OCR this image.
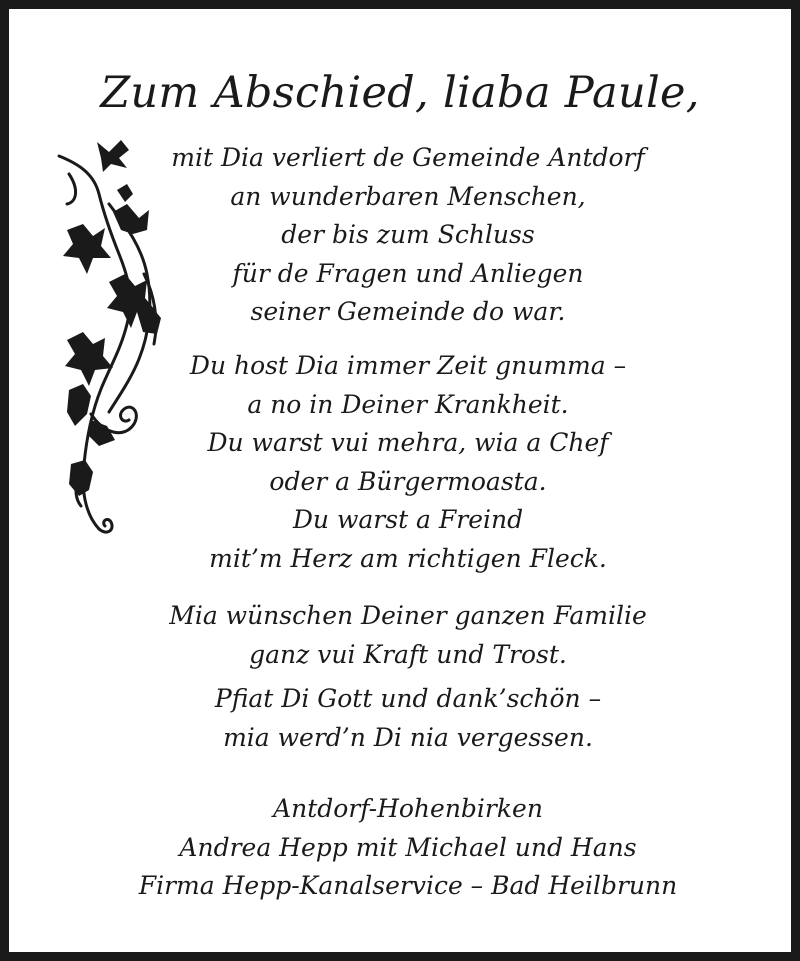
Zum Abschied, liaba Paule,
mit Dia verliert de Gemeinde Antdorf
an wunderbaren Menschen,
der bis zum Schluss
für de Fragen und Anliegen
seiner Gemeinde do war.
Du host Dia immer Zeit gnumma –
a no in Deiner Krankheit.
Du warst vui mehra, wia a Chef
oder a Bürgermoasta.
Du warst a Freind
mit’m Herz am richtigen Fleck.
Mia wünschen Deiner ganzen Familie
ganz vui Kraft und Trost.
Pfiat Di Gott und dank’schön –
mia werd’n Di nia vergessen.
Antdorf-Hohenbirken
Andrea Hepp mit Michael und Hans
Firma Hepp-Kanalservice – Bad Heilbrunn
